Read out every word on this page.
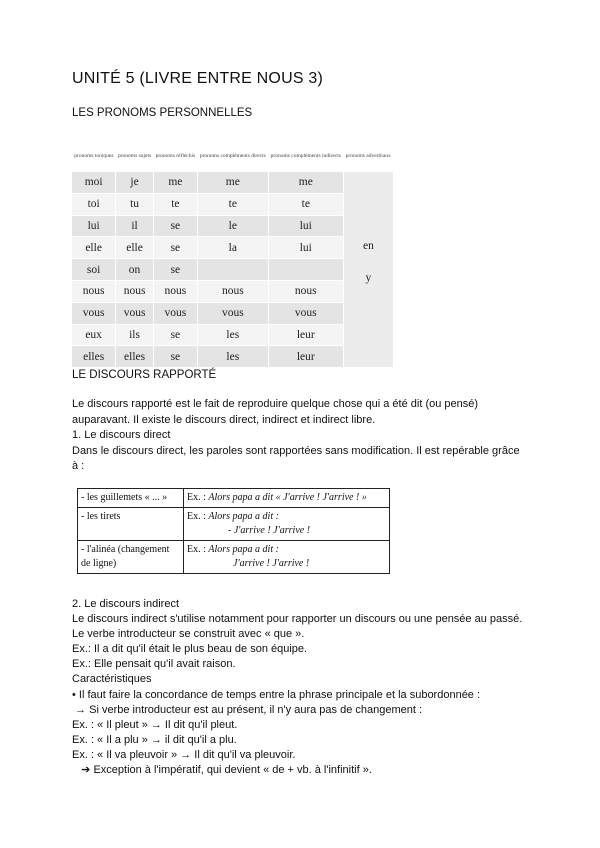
UNITÉ 5 (LIVRE ENTRE NOUS 3)
LES PRONOMS PERSONNELLES
pronoms toniques	pronoms sujets	pronoms réfléchis	pronoms compléments directs	pronoms compléments indirects	pronoms adverbiaux
moi	je	me	me	me	en
y

toi	tu	te	te	te	
lui	il	se	le	lui	
elle	elle	se	la	lui	
soi	on	se			
nous	nous	nous	nous	nous	
vous	vous	vous	vous	vous	
eux	ils	se	les	leur	
elles	elles	se	les	leur	
LE DISCOURS RAPPORTÉ
Le discours rapporté est le fait de reproduire quelque chose qui a été dit (ou pensé)
auparavant. Il existe le discours direct, indirect et indirect libre.
1. Le discours direct
Dans le discours direct, les paroles sont rapportées sans modification. Il est repérable grâce
à :
- les guillemets « ... »	Ex. : Alors papa a dit « J'arrive ! J'arrive ! »

- les tirets	Ex. : Alors papa a dit :
- J'arrive ! J'arrive !

- l'alinéa (changement de ligne)	Ex. : Alors papa a dit :
J'arrive ! J'arrive !
2. Le discours indirect
Le discours indirect s'utilise notamment pour rapporter un discours ou une pensée au passé.
Le verbe introducteur se construit avec « que ».
Ex.: Il a dit qu'il était le plus beau de son équipe.
Ex.: Elle pensait qu'il avait raison.
Caractéristiques
• Il faut faire la concordance de temps entre la phrase principale et la subordonnée :
→ Si verbe introducteur est au présent, il n'y aura pas de changement :
Ex. : « Il pleut » → Il dit qu'il pleut.
Ex. : « Il a plu » → il dit qu'il a plu.
Ex. : « Il va pleuvoir » → Il dit qu'il va pleuvoir.
➔ Exception à l'impératif, qui devient « de + vb. à l'infinitif ».
